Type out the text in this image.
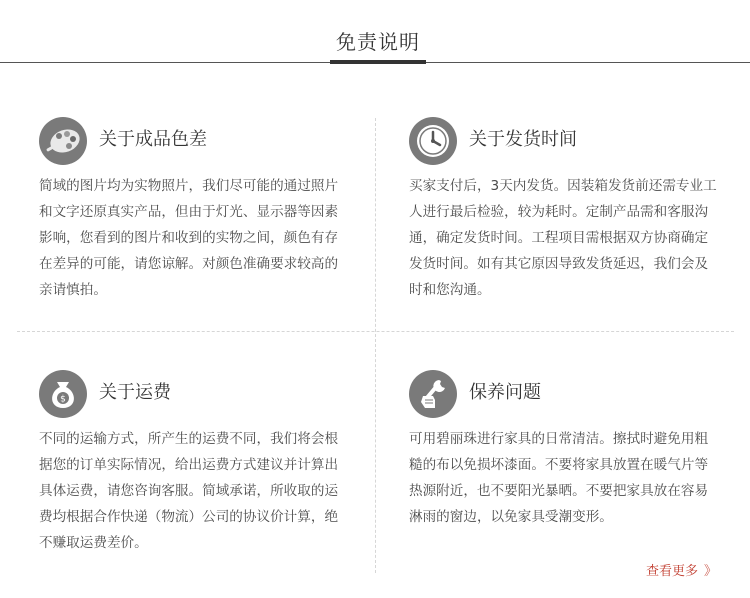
免责说明
关于成品色差
简域的图片均为实物照片，我们尽可能的通过照片和文字还原真实产品，但由于灯光、显示器等因素影响，您看到的图片和收到的实物之间，颜色有存在差异的可能，请您谅解。对颜色准确要求较高的亲请慎拍。
关于发货时间
买家支付后，3天内发货。因装箱发货前还需专业工人进行最后检验，较为耗时。定制产品需和客服沟通，确定发货时间。工程项目需根据双方协商确定发货时间。如有其它原因导致发货延迟，我们会及时和您沟通。
$ 关于运费
不同的运输方式，所产生的运费不同，我们将会根据您的订单实际情况，给出运费方式建议并计算出具体运费，请您咨询客服。简域承诺，所收取的运费均根据合作快递（物流）公司的协议价计算，绝不赚取运费差价。
保养问题
可用碧丽珠进行家具的日常清洁。擦拭时避免用粗糙的布以免损坏漆面。不要将家具放置在暖气片等热源附近，也不要阳光暴晒。不要把家具放在容易淋雨的窗边，以免家具受潮变形。
查看更多 》
